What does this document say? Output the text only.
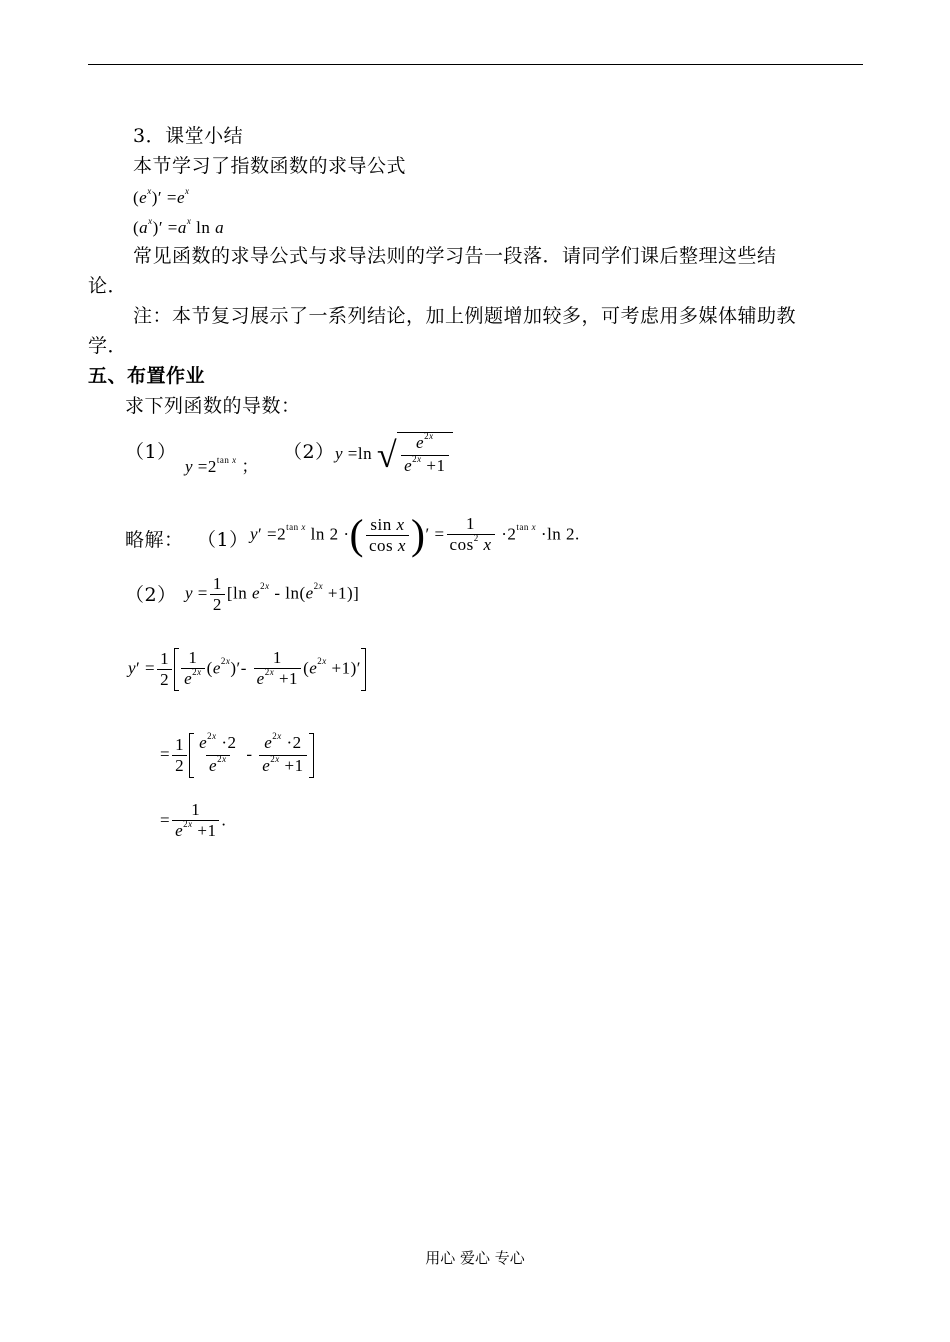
3．课堂小结
本节学习了指数函数的求导公式
$(e^x)' =e^x$
$(a^x)' =a^x$ ln a
常见函数的求导公式与求导法则的学习告一段落．请同学们课后整理这些结
论．
注：本节复习展示了一系列结论，加上例题增加较多，可考虑用多媒体辅助教
学．
五、布置作业
求下列函数的导数：
（1）
$y =2^{tan x}$ ；
（2） y =ln √ $\frac{e^{2x}}{e^{2x} +1}$
略解： （1） $y' =2^{tan x}$ ln 2 ·( $\frac{\text{sin x}}{\text{cos x}}$ )′ = $\frac{1}{\cos^2 x} \cdot 2^{tan x} \cdot\ln$ 2.
（2） $y = \frac{1}{2} [\ln$ $e^{2x} - \ln(e^{2x} +1)$]
$y' = \frac{1}{2} \frac{1}{e^{2x}} (e^{2x})'- \frac{1}{e^{2x} +1} (e^{2x} +1)'$
= $\frac{1}{2} \frac{e^{2x} \cdot 2}{e^{2x}} - \frac{e^{2x} \cdot 2}{e^{2x} +1}$
= $\frac{1}{e^{2x} +1}$ .
用心 爱心 专心
